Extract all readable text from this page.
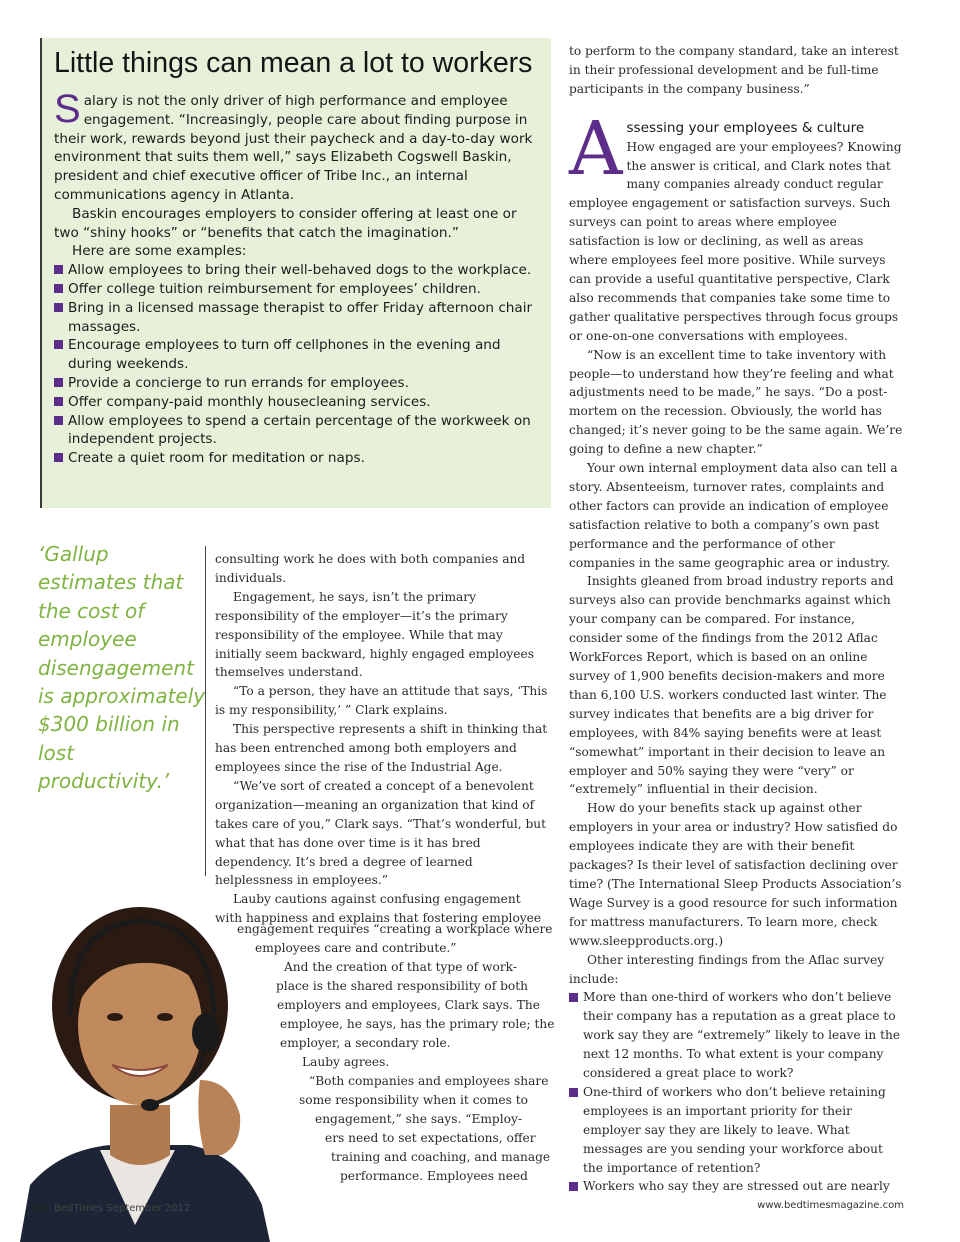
Little things can mean a lot to workers

Salary is not the only driver of high performance and employee engagement. “Increasingly, people care about finding purpose in their work, rewards beyond just their paycheck and a day-to-day work environment that suits them well,” says Elizabeth Cogswell Baskin, president and chief executive officer of Tribe Inc., an internal communications agency in Atlanta.

Baskin encourages employers to consider offering at least one or two “shiny hooks” or “benefits that catch the imagination.”

Here are some examples:

Allow employees to bring their well-behaved dogs to the workplace.
Offer college tuition reimbursement for employees’ children.
Bring in a licensed massage therapist to offer Friday afternoon chair massages.
Encourage employees to turn off cellphones in the evening and during weekends.
Provide a concierge to run errands for employees.
Offer company-paid monthly housecleaning services.
Allow employees to spend a certain percentage of the workweek on independent projects.
Create a quiet room for meditation or naps.

‘Gallup estimates that the cost of employee disengagement is approximately $300 billion in lost productivity.’

consulting work he does with both companies and individuals.

Engagement, he says, isn’t the primary responsibility of the employer—it’s the primary responsibility of the employee. While that may initially seem backward, highly engaged employees themselves understand.

“To a person, they have an attitude that says, ‘This is my responsibility,’ ” Clark explains.

This perspective represents a shift in thinking that has been entrenched among both employers and employees since the rise of the Industrial Age.

“We’ve sort of created a concept of a benevolent organization—meaning an organization that kind of takes care of you,” Clark says. “That’s wonderful, but what that has done over time is it has bred dependency. It’s bred a degree of learned helplessness in employees.”

Lauby cautions against confusing engagement with happiness and explains that fostering employee

engagement requires “creating a workplace where

employees care and contribute.”

And the creation of that type of work-

place is the shared responsibility of both

employers and employees, Clark says. The

employee, he says, has the primary role; the

employer, a secondary role.

Lauby agrees.

“Both companies and employees share

some responsibility when it comes to

engagement,” she says. “Employ-

ers need to set expectations, offer

training and coaching, and manage

performance. Employees need

to perform to the company standard, take an interest in their professional development and be full-time participants in the company business.”

A ssessing your employees & culture

How engaged are your employees? Knowing the answer is critical, and Clark notes that many companies already conduct regular employee engagement or satisfaction surveys. Such surveys can point to areas where employee satisfaction is low or declining, as well as areas where employees feel more positive. While surveys can provide a useful quantitative perspective, Clark also recommends that companies take some time to gather qualitative perspectives through focus groups or one-on-one conversations with employees.

“Now is an excellent time to take inventory with people—to understand how they’re feeling and what adjustments need to be made,” he says. “Do a post-mortem on the recession. Obviously, the world has changed; it’s never going to be the same again. We’re going to define a new chapter.”

Your own internal employment data also can tell a story. Absenteeism, turnover rates, complaints and other factors can provide an indication of employee satisfaction relative to both a company’s own past performance and the performance of other companies in the same geographic area or industry.

Insights gleaned from broad industry reports and surveys also can provide benchmarks against which your company can be compared. For instance, consider some of the findings from the 2012 Aflac WorkForces Report, which is based on an online survey of 1,900 benefits decision-makers and more than 6,100 U.S. workers conducted last winter. The survey indicates that benefits are a big driver for employees, with 84% saying benefits were at least “somewhat” important in their decision to leave an employer and 50% saying they were “very” or “extremely” influential in their decision.

How do your benefits stack up against other employers in your area or industry? How satisfied do employees indicate they are with their benefit packages? Is their level of satisfaction declining over time? (The International Sleep Products Association’s Wage Survey is a good resource for such information for mattress manufacturers. To learn more, check www.sleepproducts.org.)

Other interesting findings from the Aflac survey include:

More than one-third of workers who don’t believe their company has a reputation as a great place to work say they are “extremely” likely to leave in the next 12 months. To what extent is your company considered a great place to work?
One-third of workers who don’t believe retaining employees is an important priority for their employer say they are likely to leave. What messages are you sending your workforce about the importance of retention?
Workers who say they are stressed out are nearly
38 BedTimes September 2012	www.bedtimesmagazine.com
